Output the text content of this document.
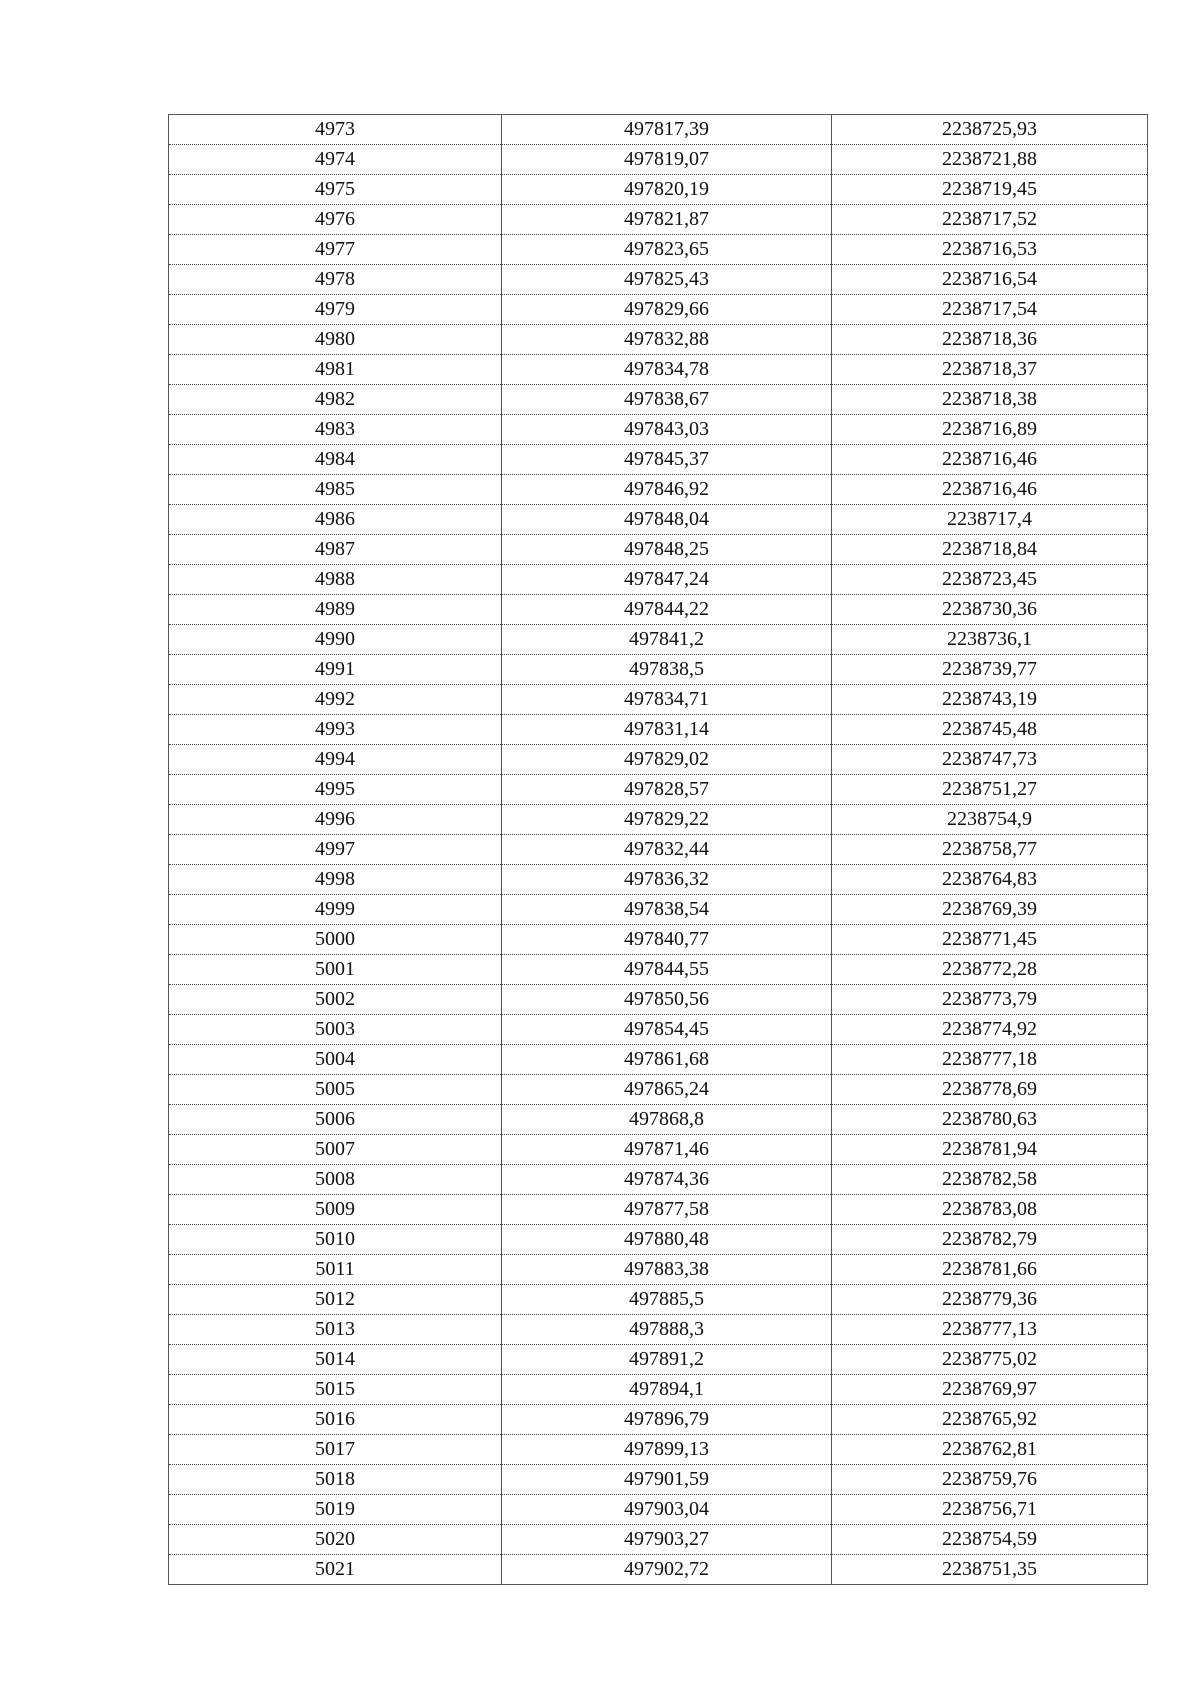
4973	497817,39	2238725,93
4974	497819,07	2238721,88
4975	497820,19	2238719,45
4976	497821,87	2238717,52
4977	497823,65	2238716,53
4978	497825,43	2238716,54
4979	497829,66	2238717,54
4980	497832,88	2238718,36
4981	497834,78	2238718,37
4982	497838,67	2238718,38
4983	497843,03	2238716,89
4984	497845,37	2238716,46
4985	497846,92	2238716,46
4986	497848,04	2238717,4
4987	497848,25	2238718,84
4988	497847,24	2238723,45
4989	497844,22	2238730,36
4990	497841,2	2238736,1
4991	497838,5	2238739,77
4992	497834,71	2238743,19
4993	497831,14	2238745,48
4994	497829,02	2238747,73
4995	497828,57	2238751,27
4996	497829,22	2238754,9
4997	497832,44	2238758,77
4998	497836,32	2238764,83
4999	497838,54	2238769,39
5000	497840,77	2238771,45
5001	497844,55	2238772,28
5002	497850,56	2238773,79
5003	497854,45	2238774,92
5004	497861,68	2238777,18
5005	497865,24	2238778,69
5006	497868,8	2238780,63
5007	497871,46	2238781,94
5008	497874,36	2238782,58
5009	497877,58	2238783,08
5010	497880,48	2238782,79
5011	497883,38	2238781,66
5012	497885,5	2238779,36
5013	497888,3	2238777,13
5014	497891,2	2238775,02
5015	497894,1	2238769,97
5016	497896,79	2238765,92
5017	497899,13	2238762,81
5018	497901,59	2238759,76
5019	497903,04	2238756,71
5020	497903,27	2238754,59
5021	497902,72	2238751,35
